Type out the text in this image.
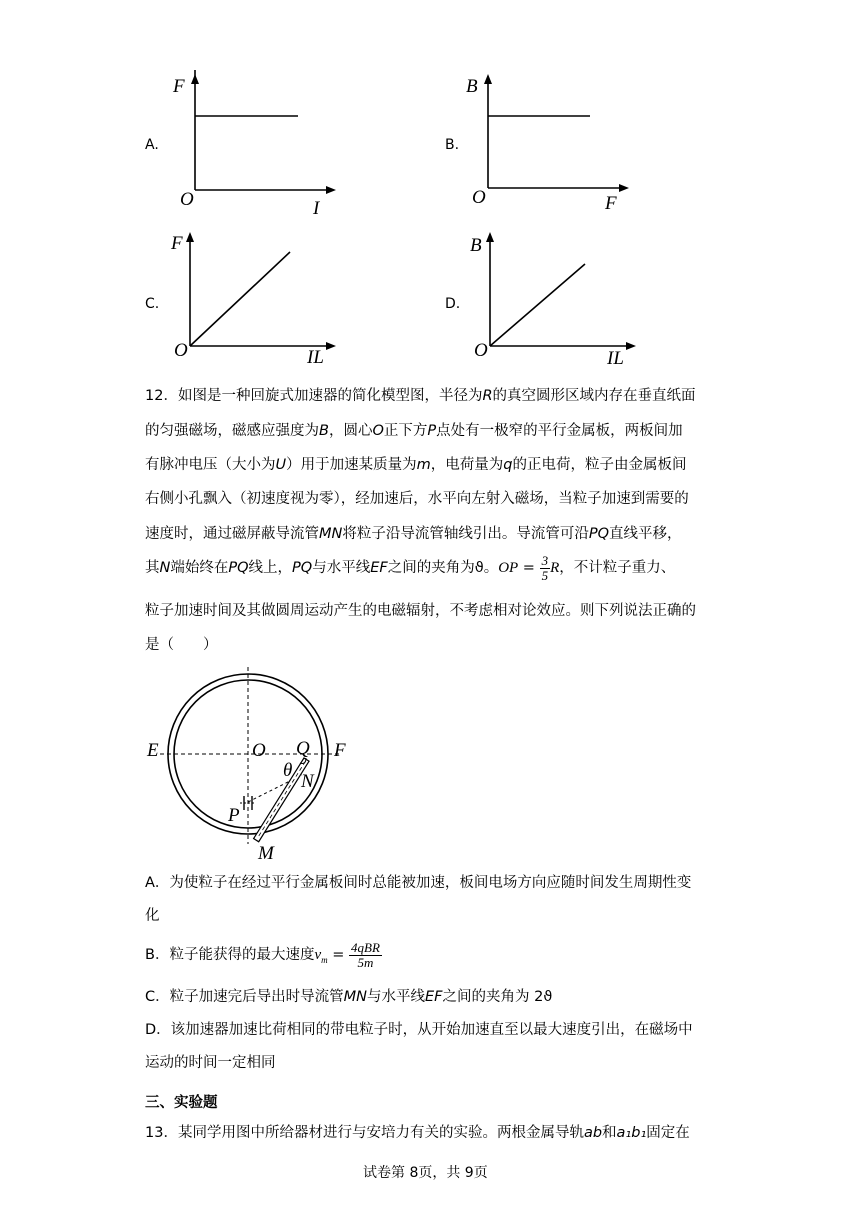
A.
F
O	I
B.
B
O	F
C.
F
O	IL
D.
B
O	IL
12．如图是一种回旋式加速器的简化模型图，半径为R的真空圆形区域内存在垂直纸面
的匀强磁场，磁感应强度为B，圆心O正下方P点处有一极窄的平行金属板，两板间加
有脉冲电压（大小为U）用于加速某质量为m，电荷量为q的正电荷，粒子由金属板间
右侧小孔飘入（初速度视为零），经加速后，水平向左射入磁场，当粒子加速到需要的
速度时，通过磁屏蔽导流管MN将粒子沿导流管轴线引出。导流管可沿PQ直线平移，
其N端始终在PQ线上，PQ与水平线EF之间的夹角为ϑ。OP = $\frac{3}{5}$ R，不计粒子重力、
粒子加速时间及其做圆周运动产生的电磁辐射，不考虑相对论效应。则下列说法正确的
是（　　）
E	O Q F
θ
N
P
M
A．为使粒子在经过平行金属板间时总能被加速，板间电场方向应随时间发生周期性变
化
B．粒子能获得的最大速度$v_m = \frac{\text{4qBR}}{5m}$
C．粒子加速完后导出时导流管MN与水平线EF之间的夹角为 2ϑ
D．该加速器加速比荷相同的带电粒子时，从开始加速直至以最大速度引出，在磁场中
运动的时间一定相同
三、实验题
13．某同学用图中所给器材进行与安培力有关的实验。两根金属导轨ab和a₁b₁固定在
试卷第 8页，共 9页
